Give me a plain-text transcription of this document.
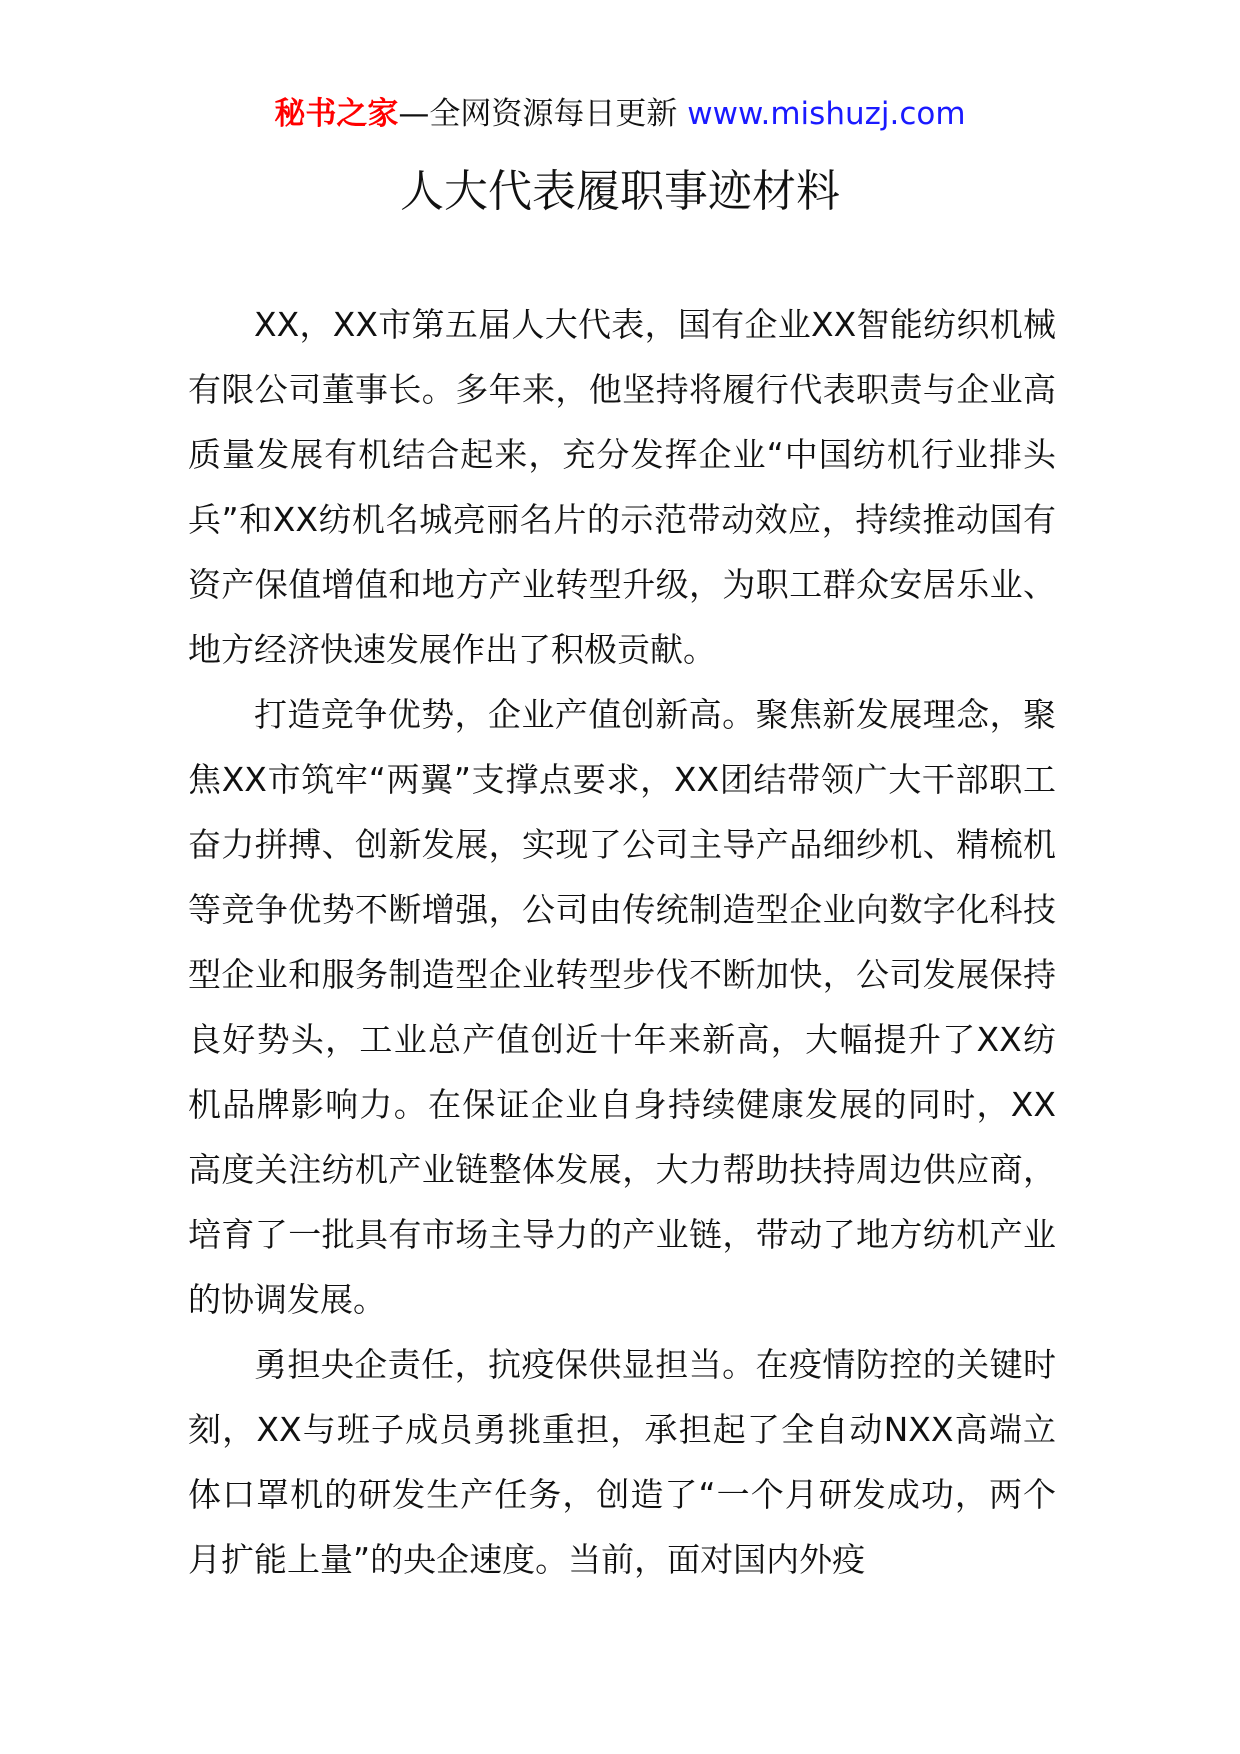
秘书之家—全网资源每日更新 www.mishuzj.com
人大代表履职事迹材料

XX，XX市第五届人大代表，国有企业XX智能纺织机械有限公司董事长。多年来，他坚持将履行代表职责与企业高质量发展有机结合起来，充分发挥企业“中国纺机行业排头兵”和XX纺机名城亮丽名片的示范带动效应，持续推动国有资产保值增值和地方产业转型升级，为职工群众安居乐业、地方经济快速发展作出了积极贡献。

打造竞争优势，企业产值创新高。聚焦新发展理念，聚焦XX市筑牢“两翼”支撑点要求，XX团结带领广大干部职工奋力拼搏、创新发展，实现了公司主导产品细纱机、精梳机等竞争优势不断增强，公司由传统制造型企业向数字化科技型企业和服务制造型企业转型步伐不断加快，公司发展保持良好势头，工业总产值创近十年来新高，大幅提升了XX纺机品牌影响力。在保证企业自身持续健康发展的同时，XX高度关注纺机产业链整体发展，大力帮助扶持周边供应商，培育了一批具有市场主导力的产业链，带动了地方纺机产业的协调发展。

勇担央企责任，抗疫保供显担当。在疫情防控的关键时刻，XX与班子成员勇挑重担，承担起了全自动NXX高端立体口罩机的研发生产任务，创造了“一个月研发成功，两个月扩能上量”的央企速度。当前，面对国内外疫
